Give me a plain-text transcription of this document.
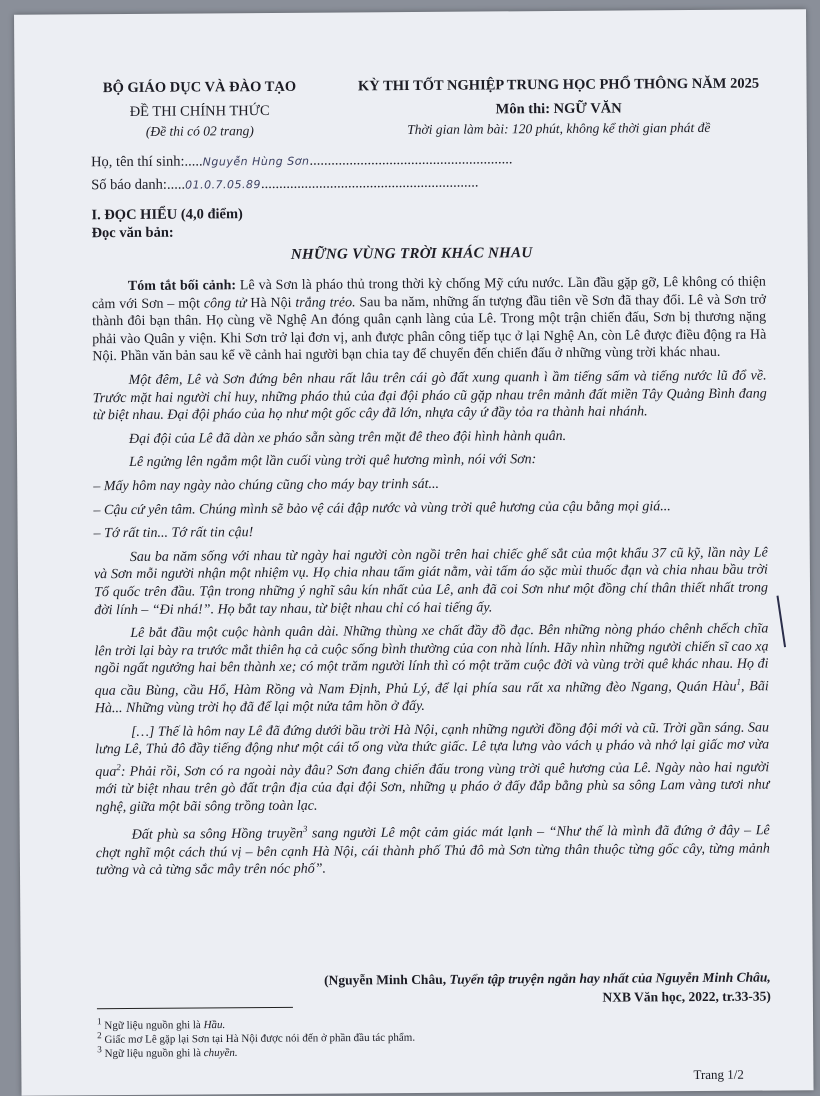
BỘ GIÁO DỤC VÀ ĐÀO TẠO
ĐỀ THI CHÍNH THỨC
(Đề thi có 02 trang)
KỲ THI TỐT NGHIỆP TRUNG HỌC PHỔ THÔNG NĂM 2025
Môn thi: NGỮ VĂN
Thời gian làm bài: 120 phút, không kể thời gian phát đề
Họ, tên thí sinh:.....Nguyễn Hùng Sơn........................................................
Số báo danh:.....01.0.7.05.89............................................................
I. ĐỌC HIỂU (4,0 điểm)
Đọc văn bản:
NHỮNG VÙNG TRỜI KHÁC NHAU

Tóm tắt bối cảnh: Lê và Sơn là pháo thủ trong thời kỳ chống Mỹ cứu nước. Lần đầu gặp gỡ, Lê không có thiện cảm với Sơn – một công tử Hà Nội trắng trẻo. Sau ba năm, những ấn tượng đầu tiên về Sơn đã thay đổi. Lê và Sơn trở thành đôi bạn thân. Họ cùng về Nghệ An đóng quân cạnh làng của Lê. Trong một trận chiến đấu, Sơn bị thương nặng phải vào Quân y viện. Khi Sơn trở lại đơn vị, anh được phân công tiếp tục ở lại Nghệ An, còn Lê được điều động ra Hà Nội. Phần văn bản sau kể về cảnh hai người bạn chia tay để chuyển đến chiến đấu ở những vùng trời khác nhau.

Một đêm, Lê và Sơn đứng bên nhau rất lâu trên cái gò đất xung quanh ì ầm tiếng sấm và tiếng nước lũ đổ về. Trước mặt hai người chỉ huy, những pháo thủ của đại đội pháo cũ gặp nhau trên mảnh đất miền Tây Quảng Bình đang từ biệt nhau. Đại đội pháo của họ như một gốc cây đã lớn, nhựa cây ứ đầy tỏa ra thành hai nhánh.

Đại đội của Lê đã dàn xe pháo sẵn sàng trên mặt đê theo đội hình hành quân.

Lê ngửng lên ngắm một lần cuối vùng trời quê hương mình, nói với Sơn:

– Mấy hôm nay ngày nào chúng cũng cho máy bay trinh sát...

– Cậu cứ yên tâm. Chúng mình sẽ bảo vệ cái đập nước và vùng trời quê hương của cậu bằng mọi giá...

– Tớ rất tin... Tớ rất tin cậu!

Sau ba năm sống với nhau từ ngày hai người còn ngồi trên hai chiếc ghế sắt của một khẩu 37 cũ kỹ, lần này Lê và Sơn mỗi người nhận một nhiệm vụ. Họ chia nhau tấm giát nằm, vài tấm áo sặc mùi thuốc đạn và chia nhau bầu trời Tổ quốc trên đầu. Tận trong những ý nghĩ sâu kín nhất của Lê, anh đã coi Sơn như một đồng chí thân thiết nhất trong đời lính – “Đi nhá!”. Họ bắt tay nhau, từ biệt nhau chỉ có hai tiếng ấy.

Lê bắt đầu một cuộc hành quân dài. Những thùng xe chất đầy đồ đạc. Bên những nòng pháo chênh chếch chĩa lên trời lại bày ra trước mắt thiên hạ cả cuộc sống bình thường của con nhà lính. Hãy nhìn những người chiến sĩ cao xạ ngồi ngất ngưởng hai bên thành xe; có một trăm người lính thì có một trăm cuộc đời và vùng trời quê khác nhau. Họ đi qua cầu Bùng, cầu Hổ, Hàm Rồng và Nam Định, Phủ Lý, để lại phía sau rất xa những đèo Ngang, Quán Hàu$^1$, Bãi Hà... Những vùng trời họ đã để lại một nửa tâm hồn ở đấy.

[…] Thế là hôm nay Lê đã đứng dưới bầu trời Hà Nội, cạnh những người đồng đội mới và cũ. Trời gần sáng. Sau lưng Lê, Thủ đô đầy tiếng động như một cái tổ ong vừa thức giấc. Lê tựa lưng vào vách ụ pháo và nhớ lại giấc mơ vừa qua$^2$: Phải rồi, Sơn có ra ngoài này đâu? Sơn đang chiến đấu trong vùng trời quê hương của Lê. Ngày nào hai người mới từ biệt nhau trên gò đất trận địa của đại đội Sơn, những ụ pháo ở đấy đắp bằng phù sa sông Lam vàng tươi như nghệ, giữa một bãi sông trồng toàn lạc.

Đất phù sa sông Hồng truyền$^3$ sang người Lê một cảm giác mát lạnh – “Như thế là mình đã đứng ở đây – Lê chợt nghĩ một cách thú vị – bên cạnh Hà Nội, cái thành phố Thủ đô mà Sơn từng thân thuộc từng gốc cây, từng mảnh tường và cả từng sắc mây trên nóc phố”.

(Nguyễn Minh Châu, Tuyển tập truyện ngắn hay nhất của Nguyễn Minh Châu,
NXB Văn học, 2022, tr.33-35)
$^1$ Ngữ liệu nguồn ghi là Hầu.
$^2$ Giấc mơ Lê gặp lại Sơn tại Hà Nội được nói đến ở phần đầu tác phẩm.
$^3$ Ngữ liệu nguồn ghi là chuyền.
Trang 1/2
